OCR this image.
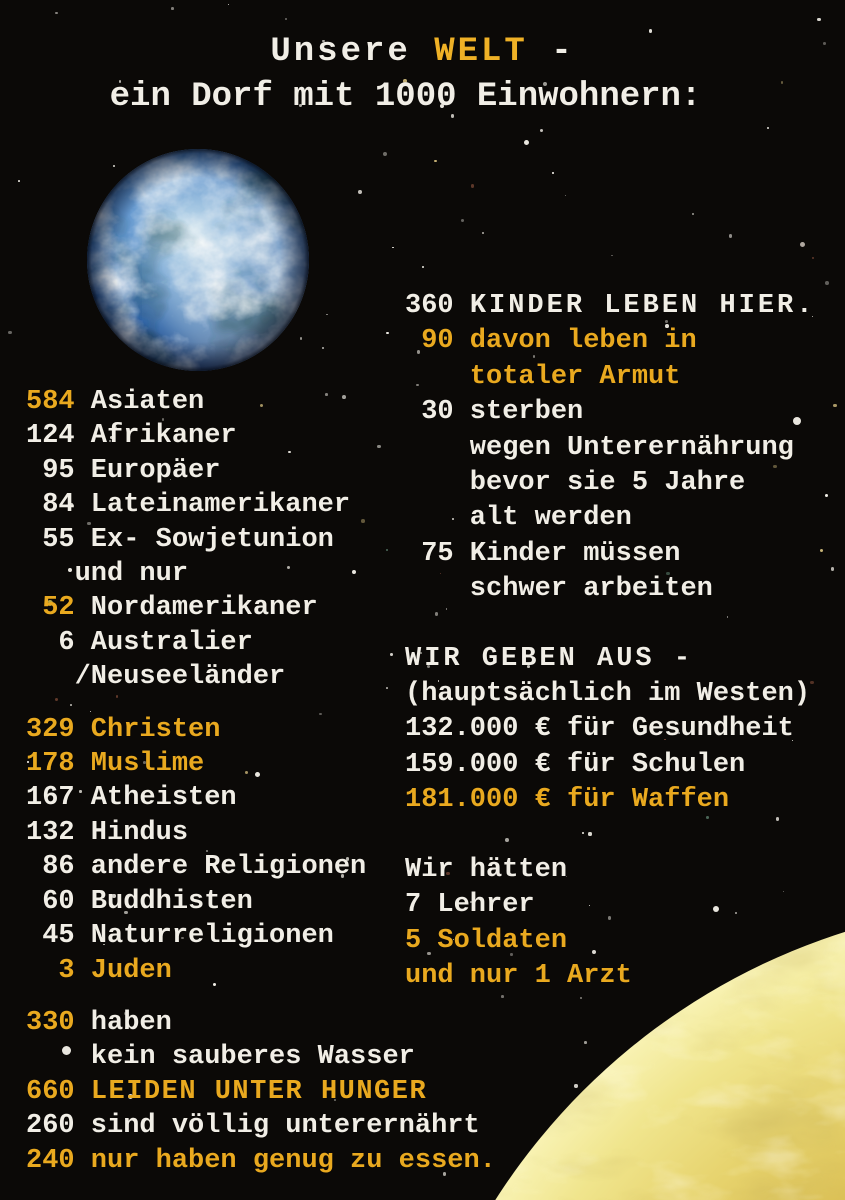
Unsere WELT -
ein Dorf mit 1000 Einwohnern:
584 Asiaten
124 Afrikaner
95 Europäer
84 Lateinamerikaner
55 Ex- Sowjetunion
und nur
52 Nordamerikaner
6 Australier
/Neuseeländer
329 Christen
178 Muslime
167 Atheisten
132 Hindus
86 andere Religionen
60 Buddhisten
45 Naturreligionen
3 Juden
330 haben
kein sauberes Wasser
660 LEIDEN UNTER HUNGER
260 sind völlig unterernährt
240 nur haben genug zu essen.
360 KINDER LEBEN HIER.
90 davon leben in
totaler Armut
30 sterben
wegen Unterernährung
bevor sie 5 Jahre
alt werden
75 Kinder müssen
schwer arbeiten
WIR GEBEN AUS -
(hauptsächlich im Westen)
132.000 € für Gesundheit
159.000 € für Schulen
181.000 € für Waffen
Wir hätten
7 Lehrer
5 Soldaten
und nur 1 Arzt
